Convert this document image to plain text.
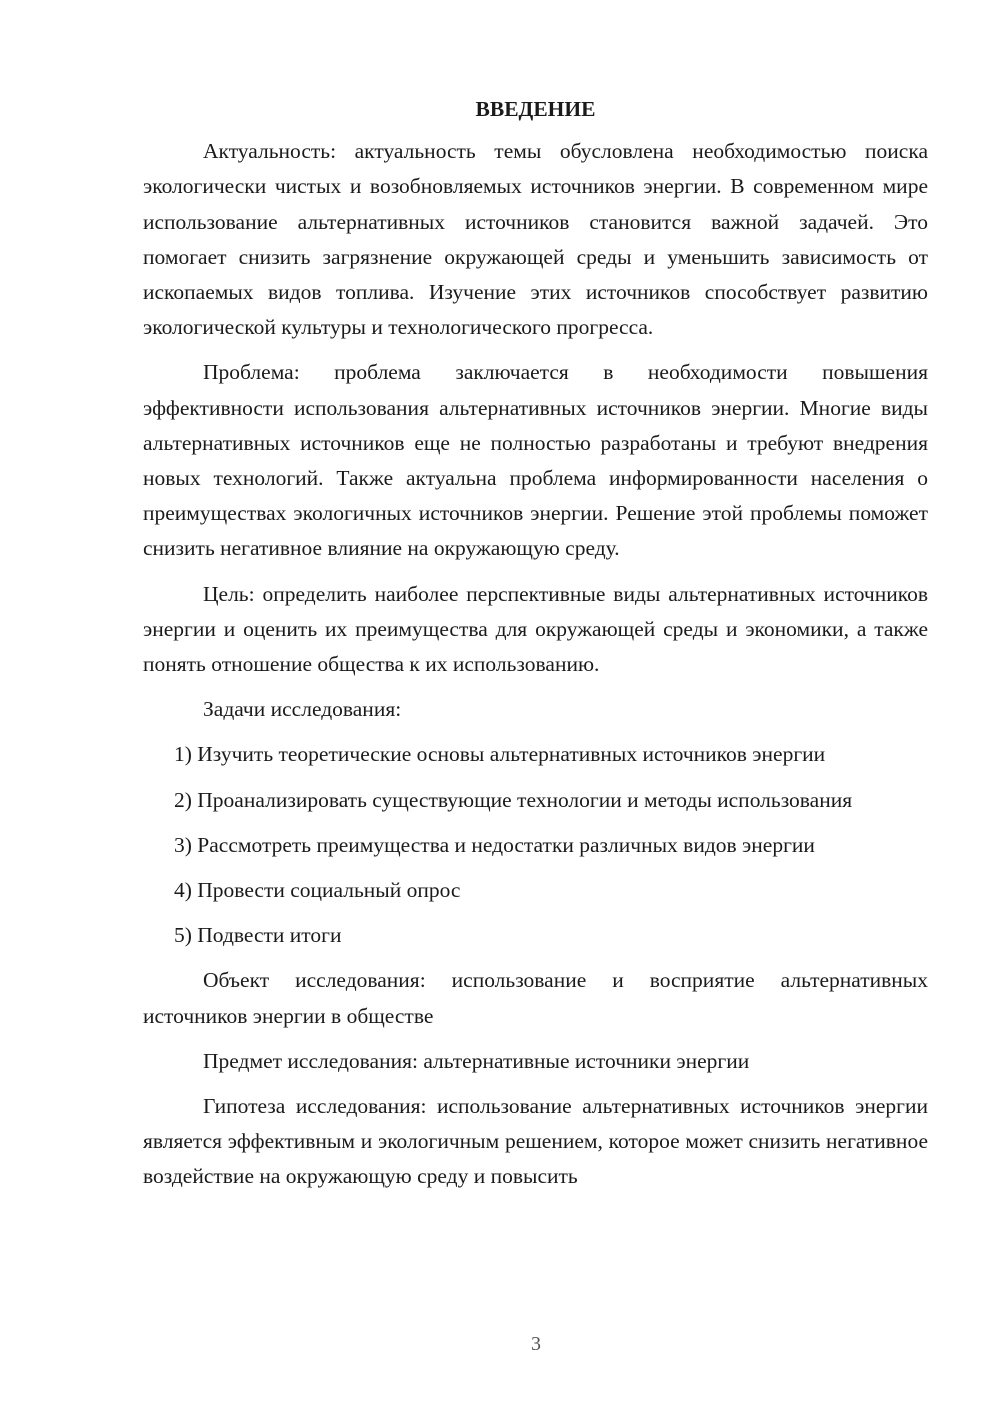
ВВЕДЕНИЕ

Актуальность: актуальность темы обусловлена необходимостью поиска экологически чистых и возобновляемых источников энергии. В современном мире использование альтернативных источников становится важной задачей. Это помогает снизить загрязнение окружающей среды и уменьшить зависимость от ископаемых видов топлива. Изучение этих источников способствует развитию экологической культуры и технологического прогресса.

Проблема: проблема заключается в необходимости повышения эффективности использования альтернативных источников энергии. Многие виды альтернативных источников еще не полностью разработаны и требуют внедрения новых технологий. Также актуальна проблема информированности населения о преимуществах экологичных источников энергии. Решение этой проблемы поможет снизить негативное влияние на окружающую среду.

Цель: определить наиболее перспективные виды альтернативных источников энергии и оценить их преимущества для окружающей среды и экономики, а также понять отношение общества к их использованию.

Задачи исследования:

1) Изучить теоретические основы альтернативных источников энергии

2) Проанализировать существующие технологии и методы использования

3) Рассмотреть преимущества и недостатки различных видов энергии

4) Провести социальный опрос

5) Подвести итоги

Объект исследования: использование и восприятие альтернативных источников энергии в обществе

Предмет исследования: альтернативные источники энергии

Гипотеза исследования: использование альтернативных источников энергии является эффективным и экологичным решением, которое может снизить негативное воздействие на окружающую среду и повысить

3
